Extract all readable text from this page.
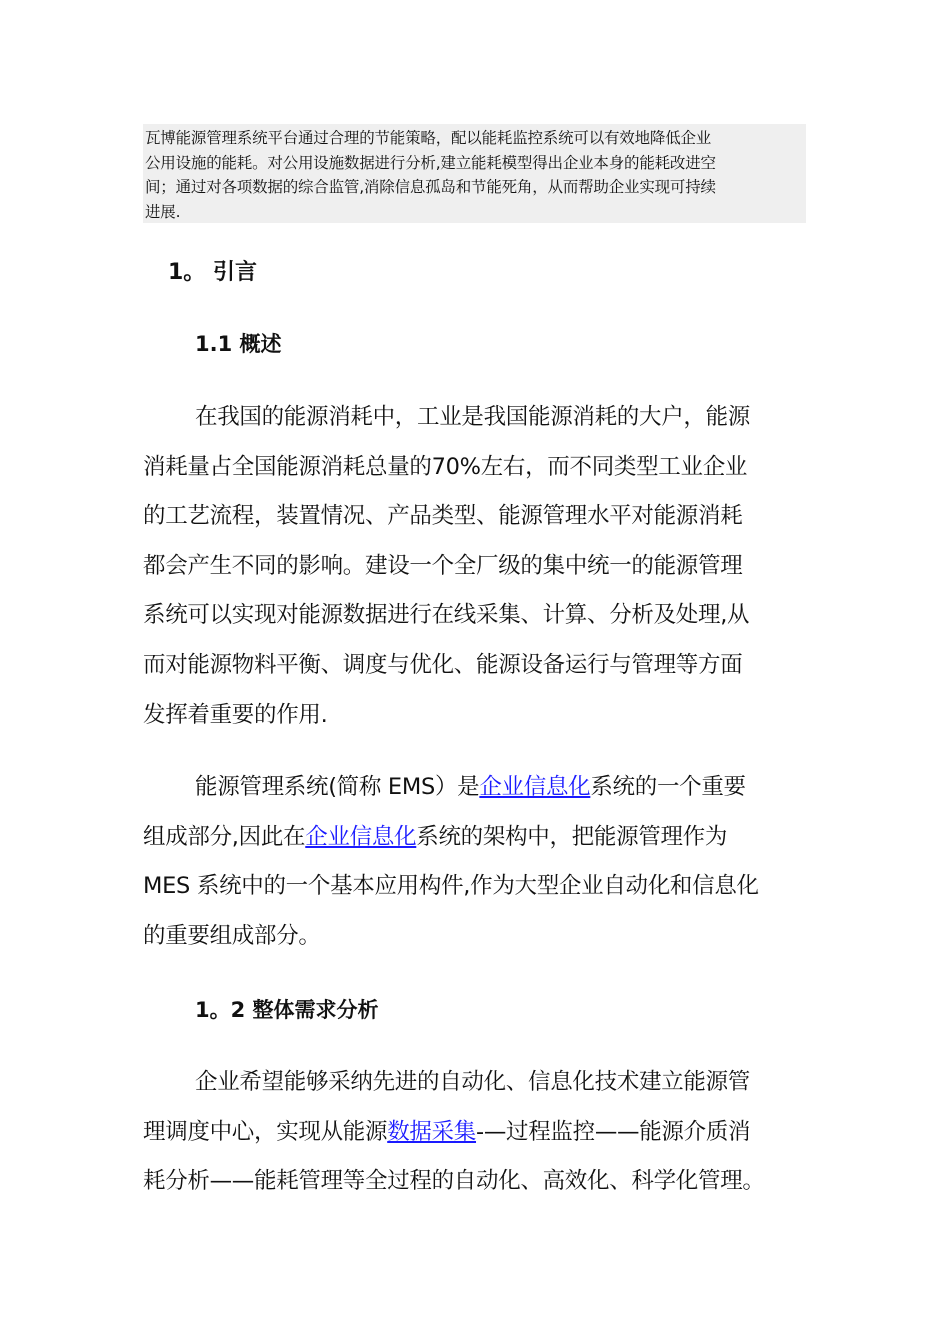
瓦博能源管理系统平台通过合理的节能策略，配以能耗监控系统可以有效地降低企业
公用设施的能耗。对公用设施数据进行分析,建立能耗模型得出企业本身的能耗改进空
间；通过对各项数据的综合监管,消除信息孤岛和节能死角，从而帮助企业实现可持续
进展.
1。 引言
1.1 概述
在我国的能源消耗中，工业是我国能源消耗的大户，能源
消耗量占全国能源消耗总量的70%左右，而不同类型工业企业
的工艺流程，装置情况、产品类型、能源管理水平对能源消耗
都会产生不同的影响。建设一个全厂级的集中统一的能源管理
系统可以实现对能源数据进行在线采集、计算、分析及处理,从
而对能源物料平衡、调度与优化、能源设备运行与管理等方面
发挥着重要的作用.
能源管理系统(简称 EMS）是企业信息化系统的一个重要
组成部分,因此在企业信息化系统的架构中，把能源管理作为
MES 系统中的一个基本应用构件,作为大型企业自动化和信息化
的重要组成部分。
1。2 整体需求分析
企业希望能够采纳先进的自动化、信息化技术建立能源管
理调度中心，实现从能源数据采集-—过程监控——能源介质消
耗分析——能耗管理等全过程的自动化、高效化、科学化管理。
